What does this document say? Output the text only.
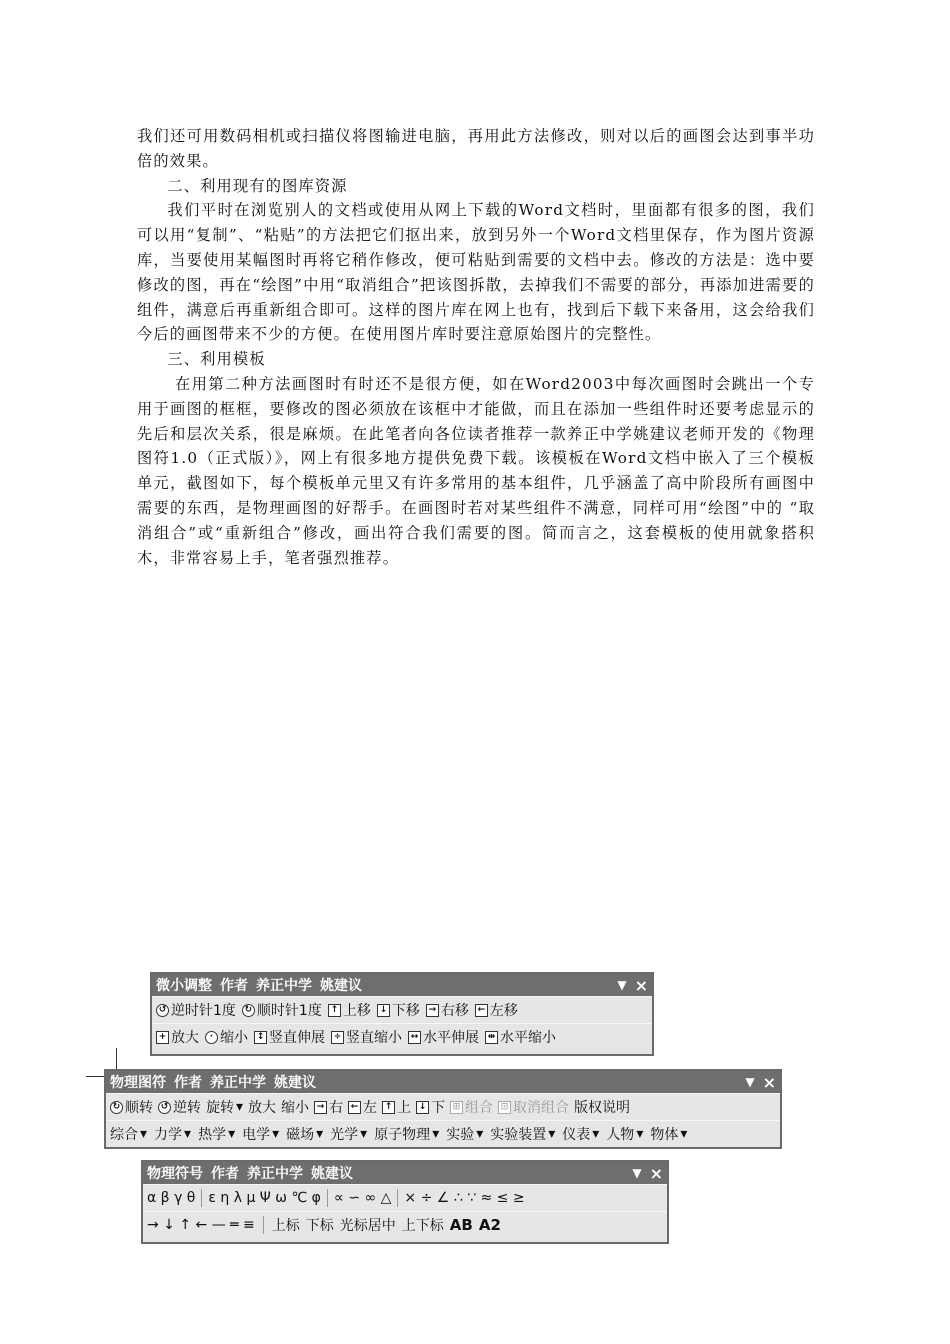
我们还可用数码相机或扫描仪将图输进电脑，再用此方法修改，则对以后的画图会达到事半功倍的效果。

二、利用现有的图库资源

我们平时在浏览别人的文档或使用从网上下载的Word文档时，里面都有很多的图，我们可以用“复制”、“粘贴”的方法把它们抠出来，放到另外一个Word文档里保存，作为图片资源库，当要使用某幅图时再将它稍作修改，便可粘贴到需要的文档中去。修改的方法是：选中要修改的图，再在“绘图”中用“取消组合”把该图拆散，去掉我们不需要的部分，再添加进需要的组件，满意后再重新组合即可。这样的图片库在网上也有，找到后下载下来备用，这会给我们今后的画图带来不少的方便。在使用图片库时要注意原始图片的完整性。

三、利用模板

在用第二种方法画图时有时还不是很方便，如在Word2003中每次画图时会跳出一个专用于画图的框框，要修改的图必须放在该框中才能做，而且在添加一些组件时还要考虑显示的先后和层次关系，很是麻烦。在此笔者向各位读者推荐一款养正中学姚建议老师开发的《物理图符1.0（正式版）》，网上有很多地方提供免费下载。该模板在Word文档中嵌入了三个模板单元，截图如下，每个模板单元里又有许多常用的基本组件，几乎涵盖了高中阶段所有画图中需要的东西，是物理画图的好帮手。在画图时若对某些组件不满意，同样可用“绘图”中的 “取消组合”或“重新组合”修改，画出符合我们需要的图。简而言之，这套模板的使用就象搭积木，非常容易上手，笔者强烈推荐。

微小调整 作者 养正中学 姚建议	▼ ×
↺ 逆时针1度 ↻ 顺时针1度 ↑ 上移 ↓ 下移 → 右移 ← 左移
+ 放大	· 缩小 ↕ 竖直伸展 ÷ 竖直缩小 ↔ 水平伸展 ⇹ 水平缩小
物理图符 作者 养正中学 姚建议	▼ ×
↻ 顺转 ↺ 逆转 旋转 ▾ 放大 缩小 → 右 ← 左 ↑ 上 ↓ 下 ⊞ 组合 ⊡ 取消组合 版权说明
综合 ▾ 力学 ▾ 热学 ▾ 电学 ▾ 磁场 ▾ 光学 ▾ 原子物理 ▾ 实验 ▾ 实验装置 ▾ 仪表 ▾ 人物 ▾ 物体 ▾
物理符号 作者 养正中学 姚建议	▼ ×
α β γ θ ε η λ μ Ψ ω ℃ φ ∝ ∽ ∞ △ × ÷ ∠ ∴ ∵ ≈ ≤ ≥
→ ↓ ↑ ← — ═ ≡ 上标 下标 光标居中 上下标 AB A2
